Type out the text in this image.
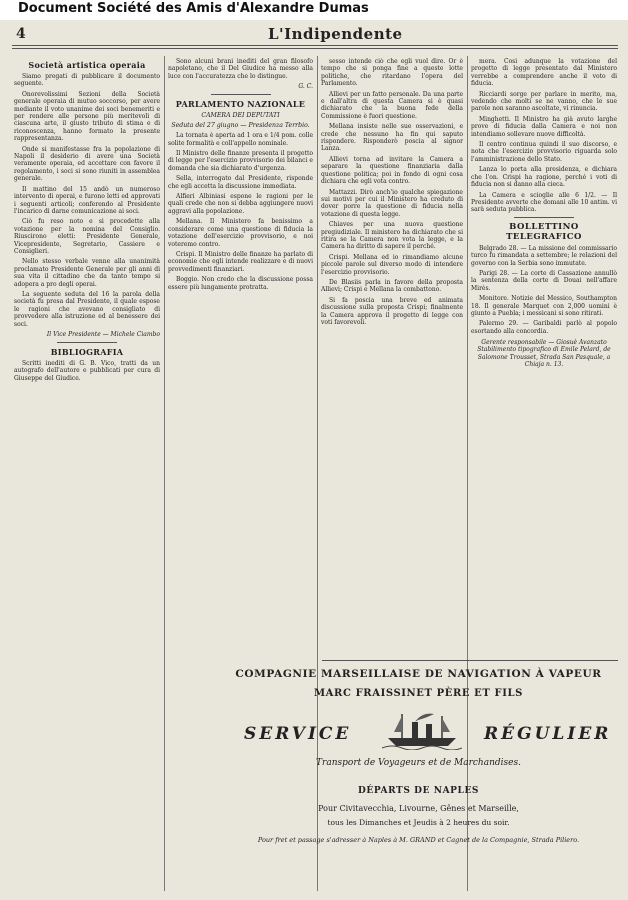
Document Société des Amis d'Alexandre Dumas
4	L'Indipendente
Società artistica operaia

Siamo pregati di pubblicare il documento seguente.

Onorevolissimi Sezioni della Società generale operaia di mutuo soccorso, per avere mediante il voto unanime dei soci benemeriti e per rendere alle persone più meritevoli di ciascuna arte, il giusto tributo di stima e di riconoscenza, hanno formato la presente rappresentanza.

Onde si manifestasse fra la popolazione di Napoli il desiderio di avere una Società veramente operaia, ed accettare con favore il regolamento, i soci si sono riuniti in assemblea generale.

Il mattino del 15 andò un numeroso intervento di operai, e furono letti ed approvati i seguenti articoli; conferendo al Presidente l'incarico di darne comunicazione ai soci.

Ciò fu reso noto e si procedette alla votazione per la nomina del Consiglio. Riuscirono eletti: Presidente Generale, Vicepresidente, Segretario, Cassiere e Consiglieri.

Nello stesso verbale venne alla unanimità proclamato Presidente Generale per gli anni di sua vita il cittadino che da tanto tempo si adopera a pro degli operai.

La seguente seduta del 16 la parola della società fu presa dal Presidente, il quale espose le ragioni che avevano consigliato di provvedere alla istruzione ed al benessere dei soci.

Il Vice Presidente — Michele Ciambo

BIBLIOGRAFIA

Scritti inediti di G. B. Vico, tratti da un autografo dell'autore e pubblicati per cura di Giuseppe del Giudice.

Sono alcuni brani inediti del gran filosofo napoletano, che il Del Giudice ha messo alla luce con l'accuratezza che lo distingue.

G. C.

PARLAMENTO NAZIONALE
CAMERA DEI DEPUTATI
Seduta del 27 giugno — Presidenza Terrbio.

La tornata è aperta ad 1 ora e 1/4 pom. colle solite formalità e coll'appello nominale.

Il Ministro delle finanze presenta il progetto di legge per l'esercizio provvisorio dei bilanci e domanda che sia dichiarato d'urgenza.

Sella, interrogato dal Presidente, risponde che egli accetta la discussione immediata.

Alfieri Albiniasi espone le ragioni per le quali crede che non si debba aggiungere nuovi aggravi alla popolazione.

Mellana. Il Ministero fa benissimo a considerare come una questione di fiducia la votazione dell'esercizio provvisorio, e noi voteremo contro.

Crispi. Il Ministro delle finanze ha parlato di economie che egli intende realizzare e di nuovi provvedimenti finanziari.

Boggio. Non credo che la discussione possa essere più lungamente protratta.

sesso intende ciò che egli vuol dire. Or è tempo che si ponga fine a queste lotte politiche, che ritardano l'opera del Parlamento.

Allievi per un fatto personale. Da una parte e dall'altra di questa Camera si è quasi dichiarato che la buona fede della Commissione è fuori questione.

Mellana insiste nelle sue osservazioni, e crede che nessuno ha fin qui saputo rispondere. Risponderò poscia al signor Lanza.

Allievi torna ad invitare la Camera a separare la questione finanziaria dalla questione politica; poi in fondo di ogni cosa dichiara che egli vota contro.

Mattazzi. Dirò anch'io qualche spiegazione sui motivi per cui il Ministero ha creduto di dover porre la questione di fiducia nella votazione di questa legge.

Chiaves per una nuova questione pregiudiziale. Il ministero ha dichiarato che si ritira se la Camera non vota la legge, e la Camera ha diritto di sapere il perché.

Crispi. Mellana ed io rimandiamo alcune piccole parole sul diverso modo di intendere l'esercizio provvisorio.

De Blasiis parla in favore della proposta Allievi; Crispi e Mellana la combattono.

Si fa poscia una breve ed animata discussione sulla proposta Crispi; finalmente la Camera approva il progetto di legge con voti favorevoli.

mera. Così adunque la votazione del progetto di legge presentato dal Ministero verrebbe a comprendere anche il voto di fiducia.

Ricciardi sorge per parlare in merito, ma, vedendo che molti se ne vanno, che le sue parole non saranno ascoltate, vi rinuncia.

Minghetti. Il Ministro ha già avuto larghe prove di fiducia dalla Camera e noi non intendiamo sollevare nuove difficoltà.

Il centro continua quindi il suo discorso, e nota che l'esercizio provvisorio riguarda solo l'amministrazione dello Stato.

Lanza lo porta alla presidenza, e dichiara che l'on. Crispi ha ragione, perché i voti di fiducia non si danno alla cieca.

La Camera e scioglie alle 6 1/2. — Il Presidente avverte che domani alle 10 antim. vi sarà seduta pubblica.

BOLLETTINO TELEGRAFICO

Belgrado 28. — La missione del commissario turco fu rimandata a settembre; le relazioni del governo con la Serbia sono immutate.

Parigi 28. — La corte di Cassazione annullò la sentenza della corte di Douai nell'affare Mirès.

Monitore. Notizie del Messico, Southampton 18. Il generale Marquet con 2,000 uomini è giunto a Puebla; i messicani si sono ritirati.

Palermo 29. — Garibaldi parlò al popolo esortando alla concordia.

Gerente responsabile — Giosuè Avanzato

Stabilimento tipografico di Emile Pelard, de Salomone Trousset, Strada San Pasquale, a Chiaja n. 13.

COMPAGNIE MARSEILLAISE DE NAVIGATION À VAPEUR
MARC FRAISSINET PÈRE ET FILS
SERVICE	RÉGULIER
Transport de Voyageurs et de Marchandises.
DÉPARTS DE NAPLES
Pour Civitavecchia, Livourne, Gênes et Marseille,
tous les Dimanches et Jeudis à 2 heures du soir.
Pour fret et passage s'adresser à Naples à M. GRAND et Cagnet de la Compagnie, Strada Piliero.
